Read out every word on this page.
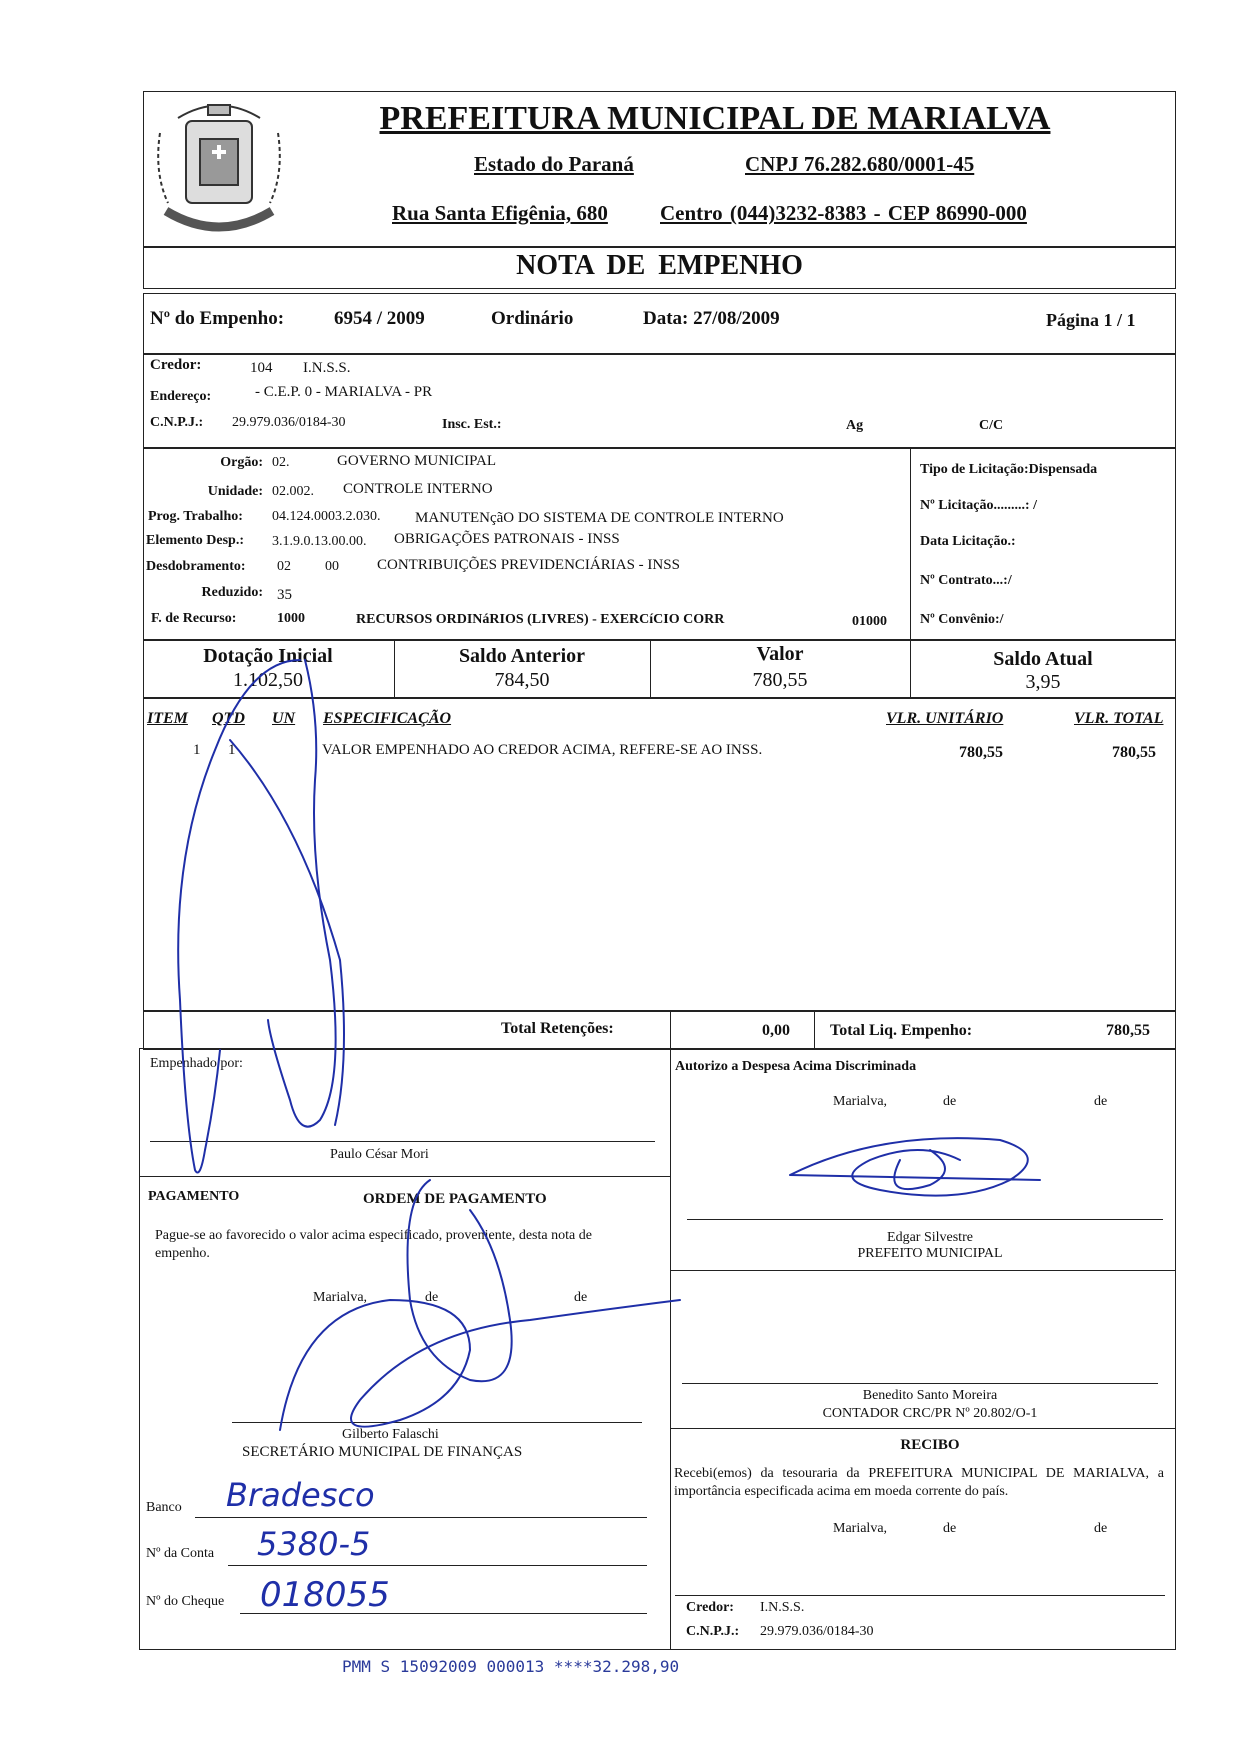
PREFEITURA MUNICIPAL DE MARIALVA
Estado do Paraná	CNPJ 76.282.680/0001-45
Rua Santa Efigênia, 680 Centro (044)3232-8383 - CEP 86990-000
NOTA DE EMPENHO
Nº do Empenho:	6954 / 2009	Ordinário	Data: 27/08/2009	Página 1 / 1
Credor:	104 I.N.S.S.
Endereço:	- C.E.P. 0 - MARIALVA - PR
C.N.P.J.: 29.979.036/0184-30	Insc. Est.:	Ag	C/C
Orgão: 02.	GOVERNO MUNICIPAL
Unidade: 02.002. CONTROLE INTERNO
Prog. Trabalho: 04.124.0003.2.030. MANUTENçãO DO SISTEMA DE CONTROLE INTERNO
Elemento Desp.: 3.1.9.0.13.00.00. OBRIGAÇÕES PATRONAIS - INSS
Desdobramento: 02 00	CONTRIBUIÇÕES PREVIDENCIÁRIAS - INSS
Reduzido: 35
F. de Recurso:	1000	RECURSOS ORDINáRIOS (LIVRES) - EXERCíCIO CORR	01000
Tipo de Licitação:Dispensada
Nº Licitação.........: /
Data Licitação.:
Nº Contrato...:/
Nº Convênio:/
Dotação Inicial
1.102,50
Saldo Anterior
784,50
Valor
780,55
Saldo Atual
3,95
ITEM QTD UN ESPECIFICAÇÃO	VLR. UNITÁRIO	VLR. TOTAL
1 1	VALOR EMPENHADO AO CREDOR ACIMA, REFERE-SE AO INSS.	780,55	780,55
Total Retenções:	0,00	Total Liq. Empenho:	780,55
Empenhado por:
Paulo César Mori
PAGAMENTO	ORDEM DE PAGAMENTO
Pague-se ao favorecido o valor acima especificado, proveniente, desta nota de empenho.
Marialva,	de	de
Gilberto Falaschi
SECRETÁRIO MUNICIPAL DE FINANÇAS
Banco Bradesco
Nº da Conta 5380-5
Nº do Cheque 018055
Autorizo a Despesa Acima Discriminada
Marialva,	de	de
Edgar Silvestre
PREFEITO MUNICIPAL
Benedito Santo Moreira
CONTADOR CRC/PR Nº 20.802/O-1
RECIBO
Recebi(emos) da tesouraria da PREFEITURA MUNICIPAL DE MARIALVA, a importância especificada acima em moeda corrente do país.
Marialva,	de	de
Credor: I.N.S.S.
C.N.P.J.: 29.979.036/0184-30
PMM S 15092009 000013 ****32.298,90
